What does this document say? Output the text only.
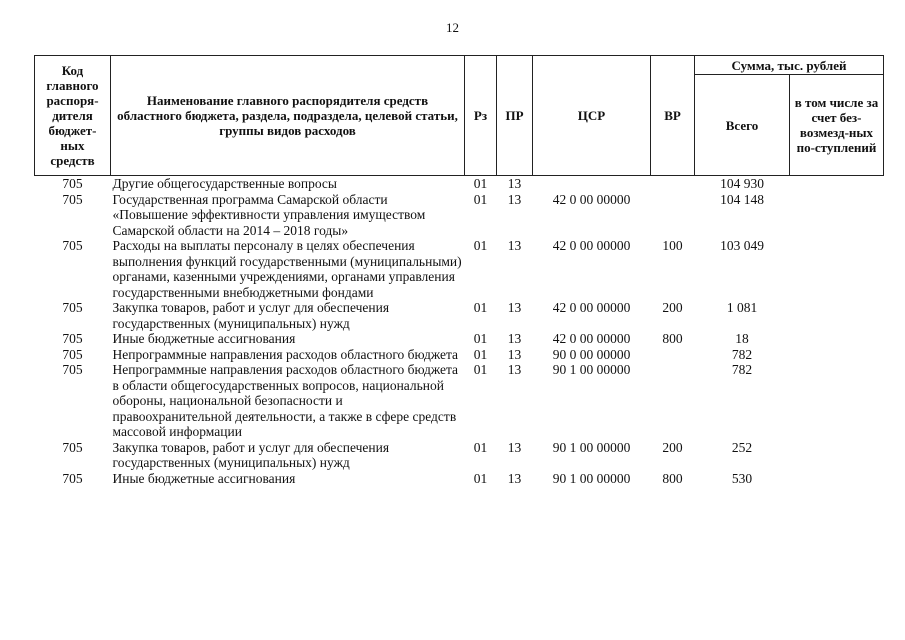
12
Код главного распоря-дителя бюджет-ных средств	Наименование главного распорядителя средств областного бюджета, раздела, подраздела, целевой статьи, группы видов расходов	Рз	ПР	ЦСР	ВР	Сумма, тыс. рублей	
						Всего	в том числе за счет без-возмезд-ных по-ступлений
705	Другие общегосударственные вопросы	01	13			104 930	
705	Государственная программа Самарской области «Повышение эффективности управления имуществом Самарской области на 2014 – 2018 годы»	01	13	42 0 00 00000		104 148	
705	Расходы на выплаты персоналу в целях обеспечения выполнения функций государственными (муниципальными) органами, казенными учреждениями, органами управления государственными внебюджетными фондами	01	13	42 0 00 00000	100	103 049	
705	Закупка товаров, работ и услуг для обеспечения государственных (муниципальных) нужд	01	13	42 0 00 00000	200	1 081	
705	Иные бюджетные ассигнования	01	13	42 0 00 00000	800	18	
705	Непрограммные направления расходов областного бюджета	01	13	90 0 00 00000		782	
705	Непрограммные направления расходов областного бюджета в области общегосударственных вопросов, национальной обороны, национальной безопасности и правоохранительной деятельности, а также в сфере средств массовой информации	01	13	90 1 00 00000		782	
705	Закупка товаров, работ и услуг для обеспечения государственных (муниципальных) нужд	01	13	90 1 00 00000	200	252	
705	Иные бюджетные ассигнования	01	13	90 1 00 00000	800	530	
